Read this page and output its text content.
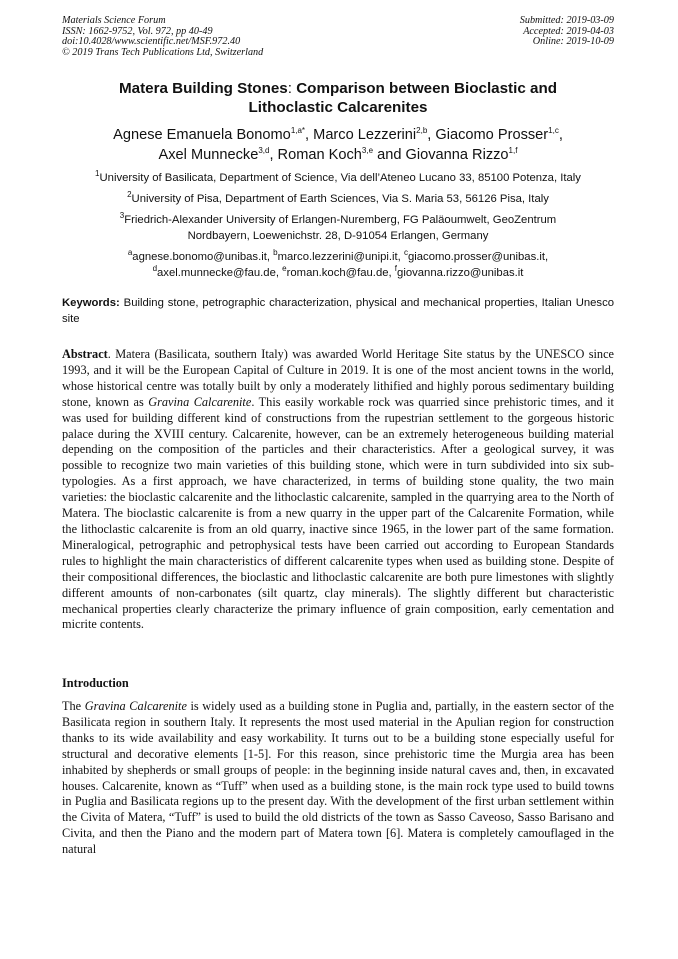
Materials Science Forum
ISSN: 1662-9752, Vol. 972, pp 40-49
doi:10.4028/www.scientific.net/MSF.972.40
© 2019 Trans Tech Publications Ltd, Switzerland
Submitted: 2019-03-09
Accepted: 2019-04-03
Online: 2019-10-09
Matera Building Stones: Comparison between Bioclastic and
Lithoclastic Calcarenites
Agnese Emanuela Bonomo$^{1,a*}$, Marco Lezzerini$^{2,b}$, Giacomo Prosser$^{1,c}$,
Axel Munnecke$^{3,d}$, Roman Koch$^{3,e}$ and Giovanna Rizzo$^{1,f}$
$^1$University of Basilicata, Department of Science, Via dell’Ateneo Lucano 33, 85100 Potenza, Italy
$^2$University of Pisa, Department of Earth Sciences, Via S. Maria 53, 56126 Pisa, Italy
$^3$Friedrich-Alexander University of Erlangen-Nuremberg, FG Paläoumwelt, GeoZentrum
Nordbayern, Loewenichstr. 28, D-91054 Erlangen, Germany
$^a$agnese.bonomo@unibas.it, $^b$marco.lezzerini@unipi.it, $^c$giacomo.prosser@unibas.it,
$^d$axel.munnecke@fau.de, $^e$roman.koch@fau.de, $^f$giovanna.rizzo@unibas.it
Keywords: Building stone, petrographic characterization, physical and mechanical properties, Italian Unesco site
Abstract. Matera (Basilicata, southern Italy) was awarded World Heritage Site status by the UNESCO since 1993, and it will be the European Capital of Culture in 2019. It is one of the most ancient towns in the world, whose historical centre was totally built by only a moderately lithified and highly porous sedimentary building stone, known as Gravina Calcarenite. This easily workable rock was quarried since prehistoric times, and it was used for building different kind of constructions from the rupestrian settlement to the gorgeous historic palace during the XVIII century. Calcarenite, however, can be an extremely heterogeneous building material depending on the composition of the particles and their characteristics. After a geological survey, it was possible to recognize two main varieties of this building stone, which were in turn subdivided into six sub-typologies. As a first approach, we have characterized, in terms of building stone quality, the two main varieties: the bioclastic calcarenite and the lithoclastic calcarenite, sampled in the quarrying area to the North of Matera. The bioclastic calcarenite is from a new quarry in the upper part of the Calcarenite Formation, while the lithoclastic calcarenite is from an old quarry, inactive since 1965, in the lower part of the same formation. Mineralogical, petrographic and petrophysical tests have been carried out according to European Standards rules to highlight the main characteristics of different calcarenite types when used as building stone. Despite of their compositional differences, the bioclastic and lithoclastic calcarenite are both pure limestones with slightly different amounts of non-carbonates (silt quartz, clay minerals). The slightly different but characteristic mechanical properties clearly characterize the primary influence of grain composition, early cementation and micrite contents.
Introduction
The Gravina Calcarenite is widely used as a building stone in Puglia and, partially, in the eastern sector of the Basilicata region in southern Italy. It represents the most used material in the Apulian region for construction thanks to its wide availability and easy workability. It turns out to be a building stone especially useful for structural and decorative elements [1-5]. For this reason, since prehistoric time the Murgia area has been inhabited by shepherds or small groups of people: in the beginning inside natural caves and, then, in excavated houses. Calcarenite, known as “Tuff” when used as a building stone, is the main rock type used to build towns in Puglia and Basilicata regions up to the present day. With the development of the first urban settlement within the Civita of Matera, “Tuff” is used to build the old districts of the town as Sasso Caveoso, Sasso Barisano and Civita, and then the Piano and the modern part of Matera town [6]. Matera is completely camouflaged in the natural
